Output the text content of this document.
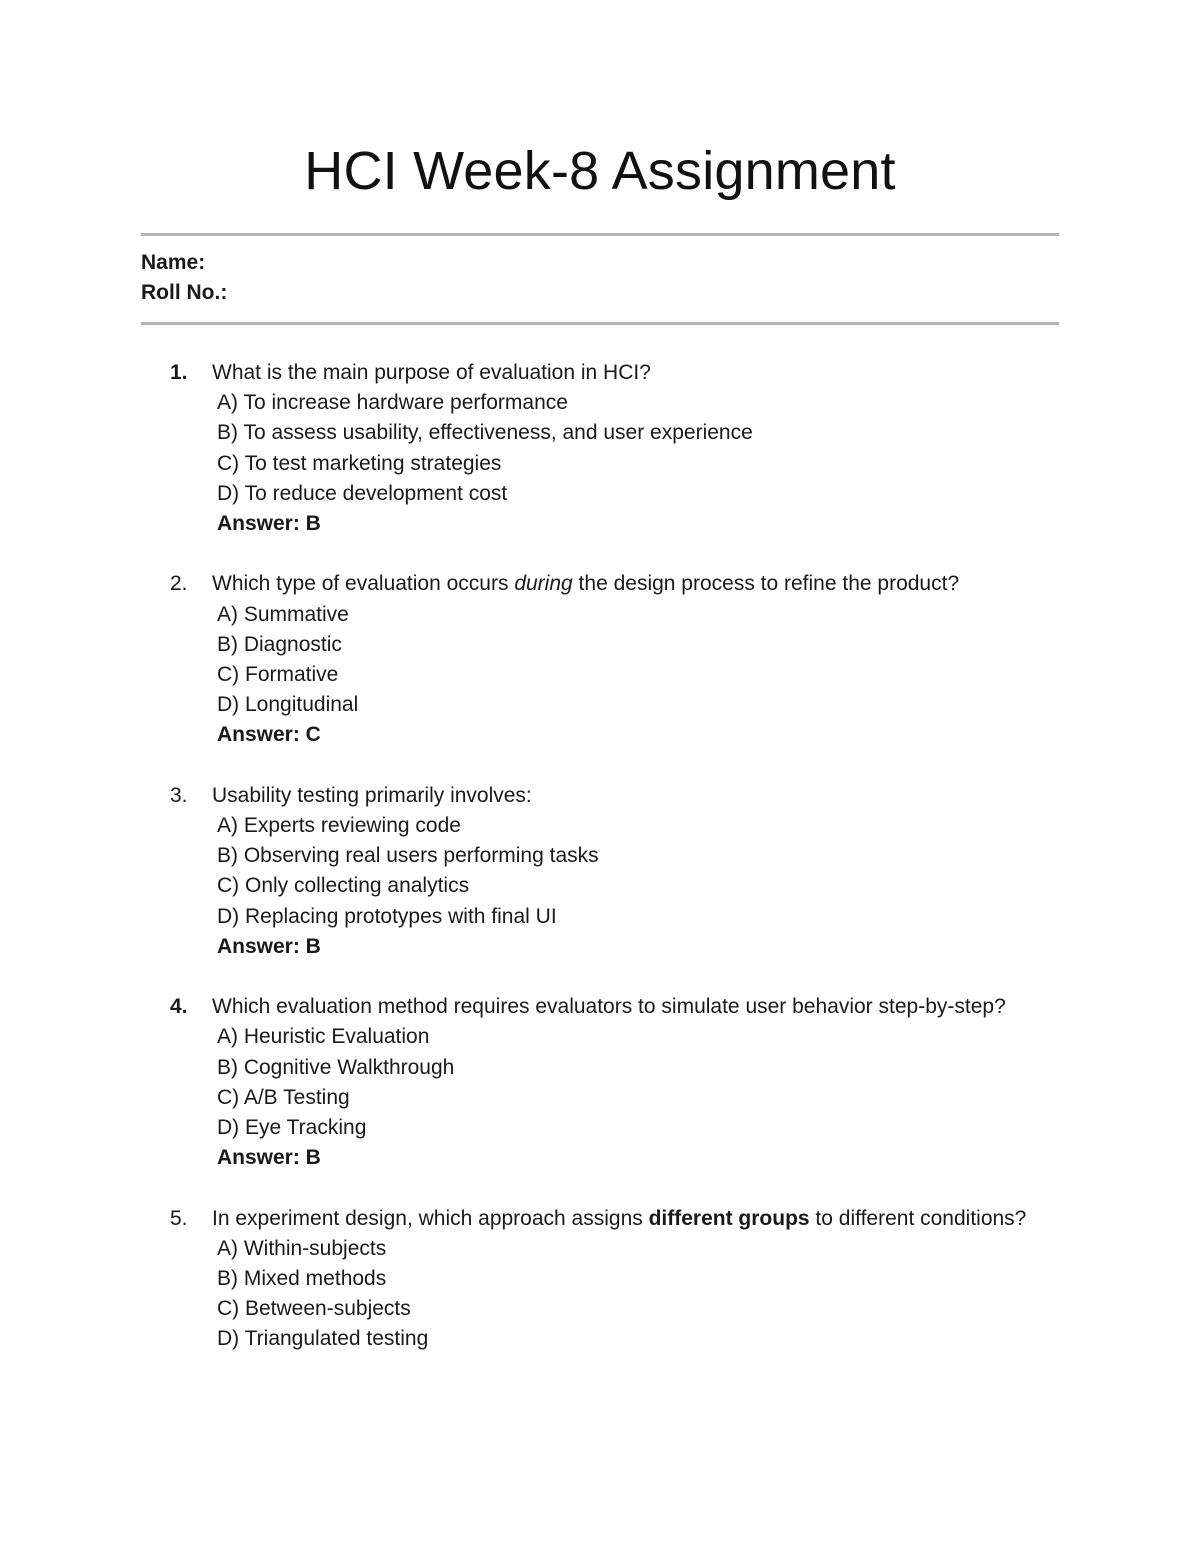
HCI Week-8 Assignment
Name:
Roll No.:
1.	What is the main purpose of evaluation in HCI?
A) To increase hardware performance
B) To assess usability, effectiveness, and user experience
C) To test marketing strategies
D) To reduce development cost
Answer: B
2.	Which type of evaluation occurs during the design process to refine the product?
A) Summative
B) Diagnostic
C) Formative
D) Longitudinal
Answer: C
3.	Usability testing primarily involves:
A) Experts reviewing code
B) Observing real users performing tasks
C) Only collecting analytics
D) Replacing prototypes with final UI
Answer: B
4.	Which evaluation method requires evaluators to simulate user behavior step-by-step?
A) Heuristic Evaluation
B) Cognitive Walkthrough
C) A/B Testing
D) Eye Tracking
Answer: B
5.	In experiment design, which approach assigns different groups to different conditions?
A) Within-subjects
B) Mixed methods
C) Between-subjects
D) Triangulated testing
